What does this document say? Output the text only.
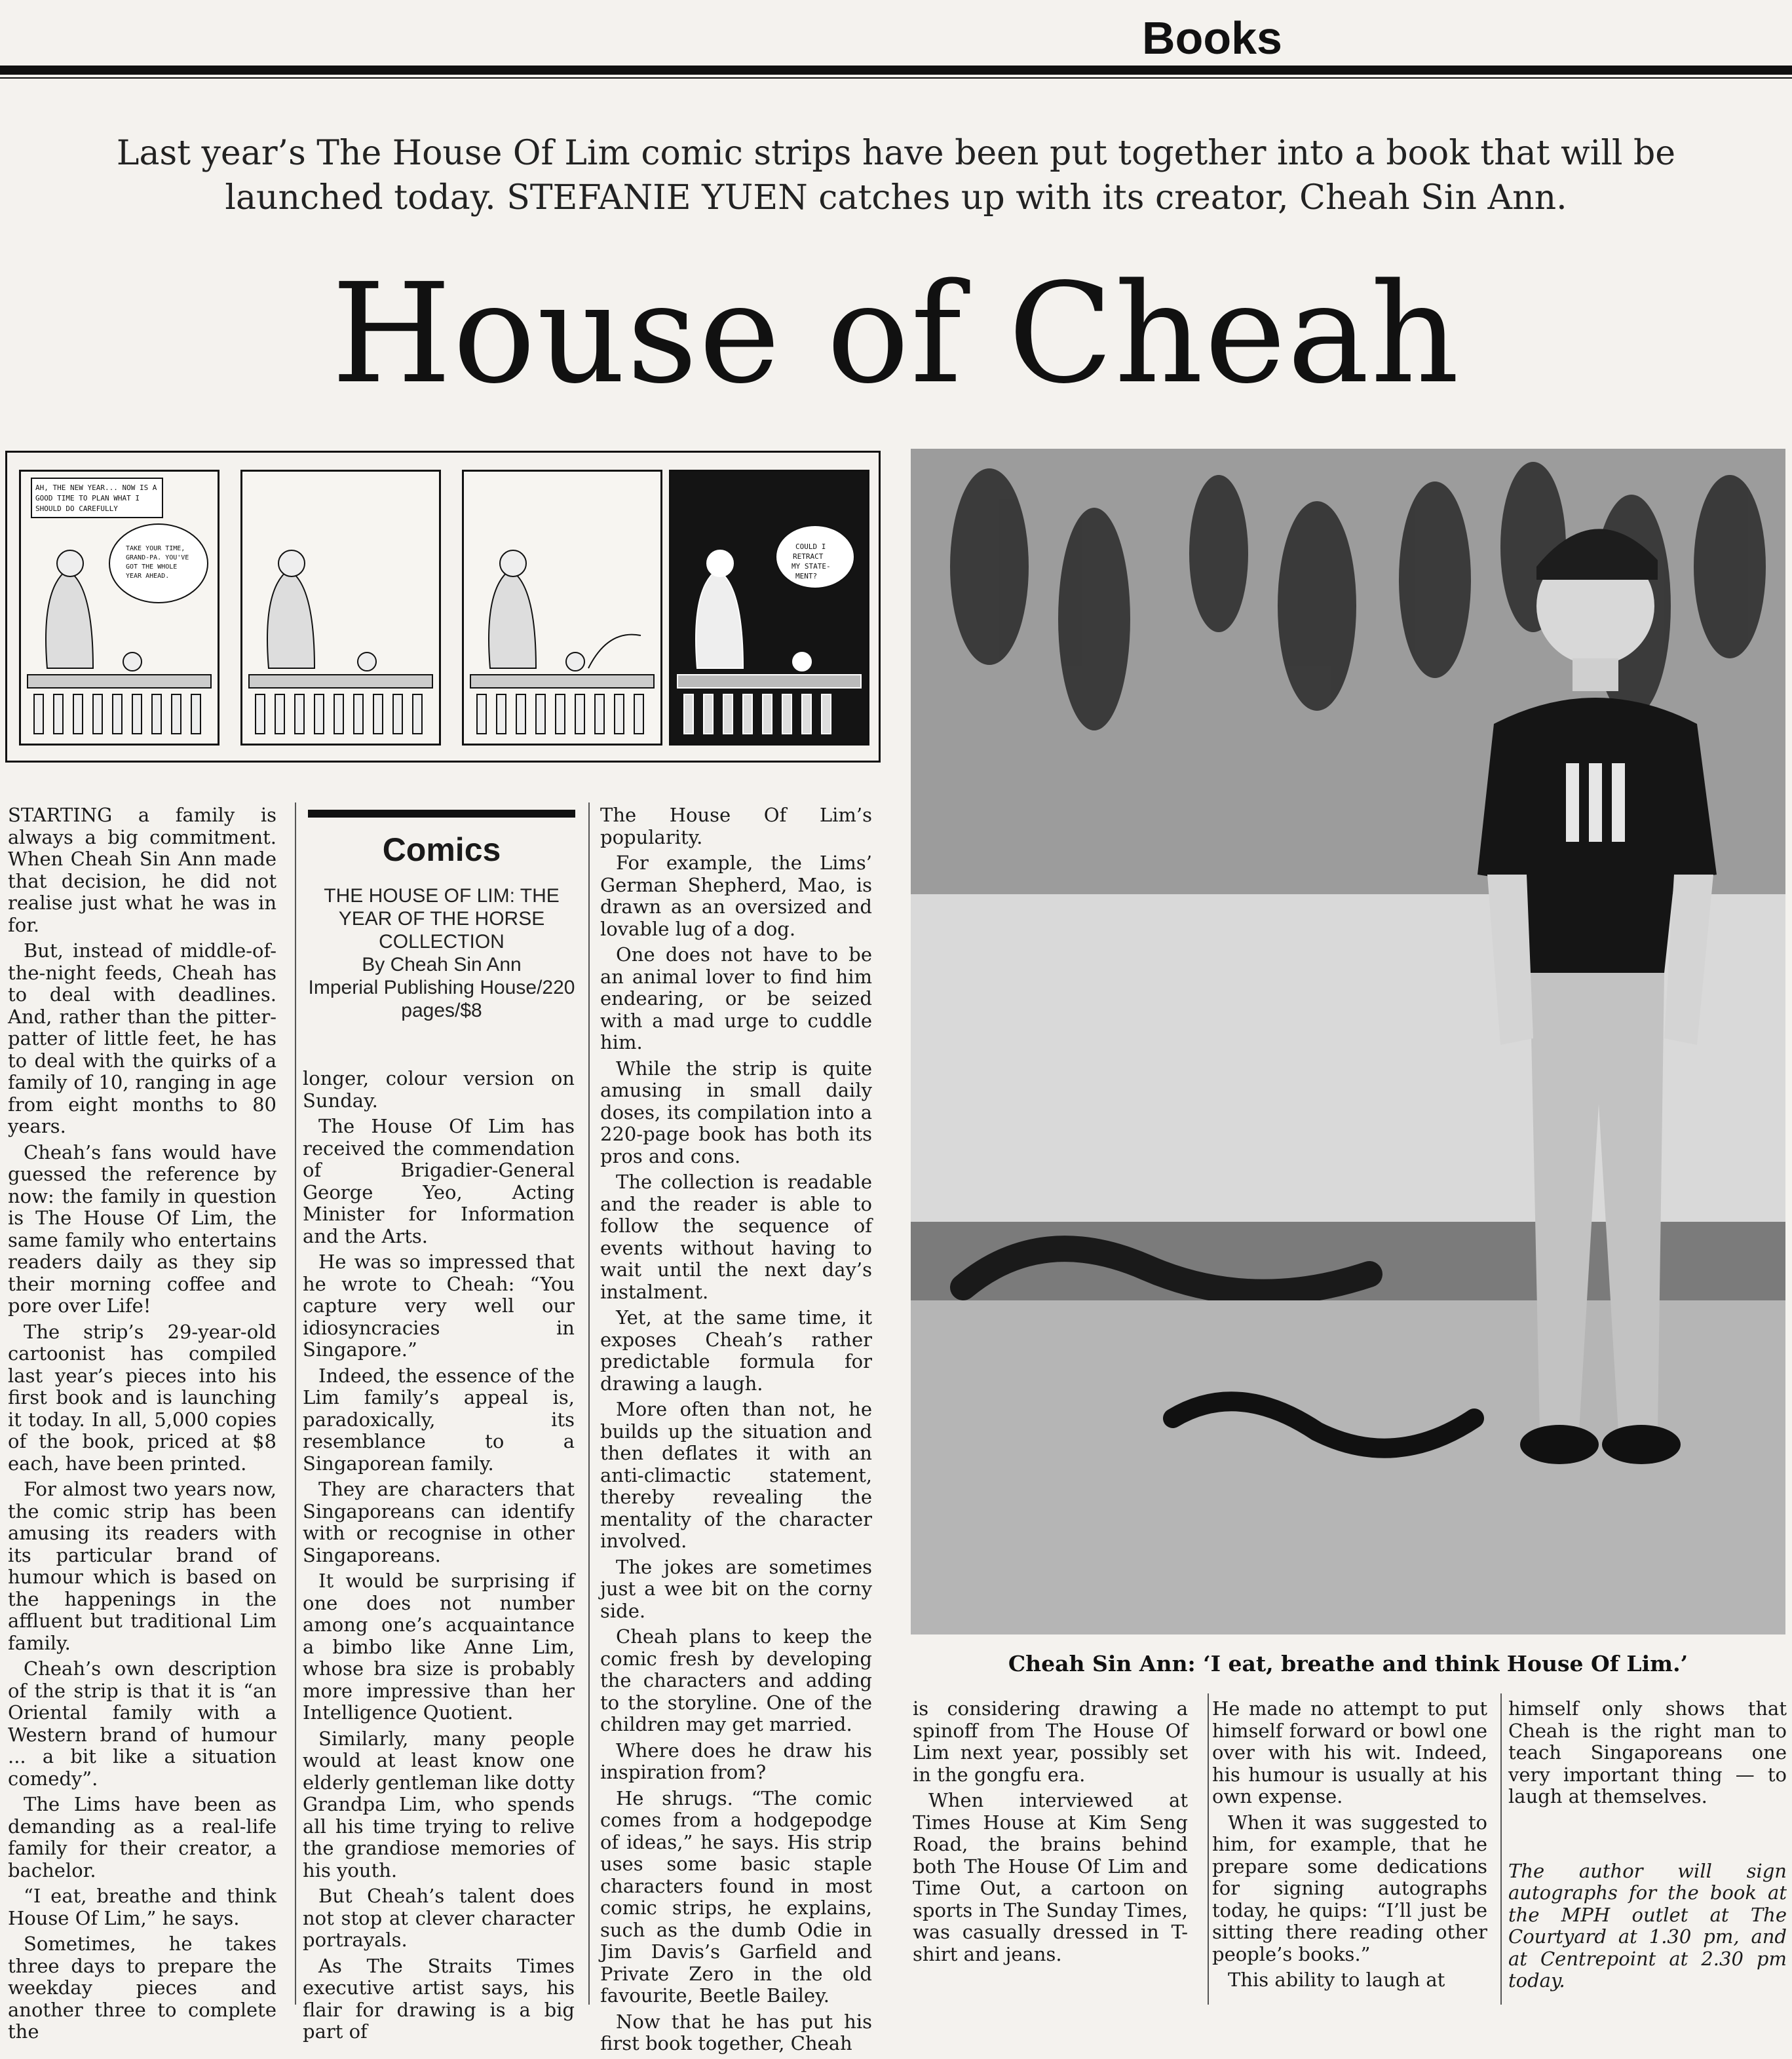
Books
Last year’s The House Of Lim comic strips have been put together into a book that will be launched today. STEFANIE YUEN catches up with its creator, Cheah Sin Ann.
House of Cheah
AH, THE NEW YEAR... NOW IS A
GOOD TIME TO PLAN WHAT I
SHOULD DO CAREFULLY
TAKE YOUR TIME,
GRAND-PA. YOU'VE
GOT THE WHOLE
YEAR AHEAD.
COULD I
RETRACT
MY STATE-
MENT?
Cheah Sin Ann: ‘I eat, breathe and think House Of Lim.’
Comics
THE HOUSE OF LIM: THE YEAR OF THE HORSE COLLECTION
By Cheah Sin Ann
Imperial Publishing House/220 pages/$8

STARTING a family is always a big commitment. When Cheah Sin Ann made that decision, he did not realise just what he was in for.

But, instead of middle-of-the-night feeds, Cheah has to deal with deadlines. And, rather than the pitter-patter of little feet, he has to deal with the quirks of a family of 10, ranging in age from eight months to 80 years.

Cheah’s fans would have guessed the reference by now: the family in question is The House Of Lim, the same family who entertains readers daily as they sip their morning coffee and pore over Life!

The strip’s 29-year-old cartoonist has compiled last year’s pieces into his first book and is launching it today. In all, 5,000 copies of the book, priced at $8 each, have been printed.

For almost two years now, the comic strip has been amusing its readers with its particular brand of humour which is based on the happenings in the affluent but traditional Lim family.

Cheah’s own description of the strip is that it is “an Oriental family with a Western brand of humour ... a bit like a situation comedy”.

The Lims have been as demanding as a real-life family for their creator, a bachelor.

“I eat, breathe and think House Of Lim,” he says.

Sometimes, he takes three days to prepare the weekday pieces and another three to complete the

longer, colour version on Sunday.

The House Of Lim has received the commendation of Brigadier-General George Yeo, Acting Minister for Information and the Arts.

He was so impressed that he wrote to Cheah: “You capture very well our idiosyncracies in Singapore.”

Indeed, the essence of the Lim family’s appeal is, paradoxically, its resemblance to a Singaporean family.

They are characters that Singaporeans can identify with or recognise in other Singaporeans.

It would be surprising if one does not number among one’s acquaintance a bimbo like Anne Lim, whose bra size is probably more impressive than her Intelligence Quotient.

Similarly, many people would at least know one elderly gentleman like dotty Grandpa Lim, who spends all his time trying to relive the grandiose memories of his youth.

But Cheah’s talent does not stop at clever character portrayals.

As The Straits Times executive artist says, his flair for drawing is a big part of

The House Of Lim’s popularity.

For example, the Lims’ German Shepherd, Mao, is drawn as an oversized and lovable lug of a dog.

One does not have to be an animal lover to find him endearing, or be seized with a mad urge to cuddle him.

While the strip is quite amusing in small daily doses, its compilation into a 220-page book has both its pros and cons.

The collection is readable and the reader is able to follow the sequence of events without having to wait until the next day’s instalment.

Yet, at the same time, it exposes Cheah’s rather predictable formula for drawing a laugh.

More often than not, he builds up the situation and then deflates it with an anti-climactic statement, thereby revealing the mentality of the character involved.

The jokes are sometimes just a wee bit on the corny side.

Cheah plans to keep the comic fresh by developing the characters and adding to the storyline. One of the children may get married.

Where does he draw his inspiration from?

He shrugs. “The comic comes from a hodgepodge of ideas,” he says. His strip uses some basic staple characters found in most comic strips, he explains, such as the dumb Odie in Jim Davis’s Garfield and Private Zero in the old favourite, Beetle Bailey.

Now that he has put his first book together, Cheah

is considering drawing a spinoff from The House Of Lim next year, possibly set in the gongfu era.

When interviewed at Times House at Kim Seng Road, the brains behind both The House Of Lim and Time Out, a cartoon on sports in The Sunday Times, was casually dressed in T-shirt and jeans.

He made no attempt to put himself forward or bowl one over with his wit. Indeed, his humour is usually at his own expense.

When it was suggested to him, for example, that he prepare some dedications for signing autographs today, he quips: “I’ll just be sitting there reading other people’s books.”

This ability to laugh at

himself only shows that Cheah is the right man to teach Singaporeans one very important thing — to laugh at themselves.

The author will sign autographs for the book at the MPH outlet at The Courtyard at 1.30 pm, and at Centrepoint at 2.30 pm today.
